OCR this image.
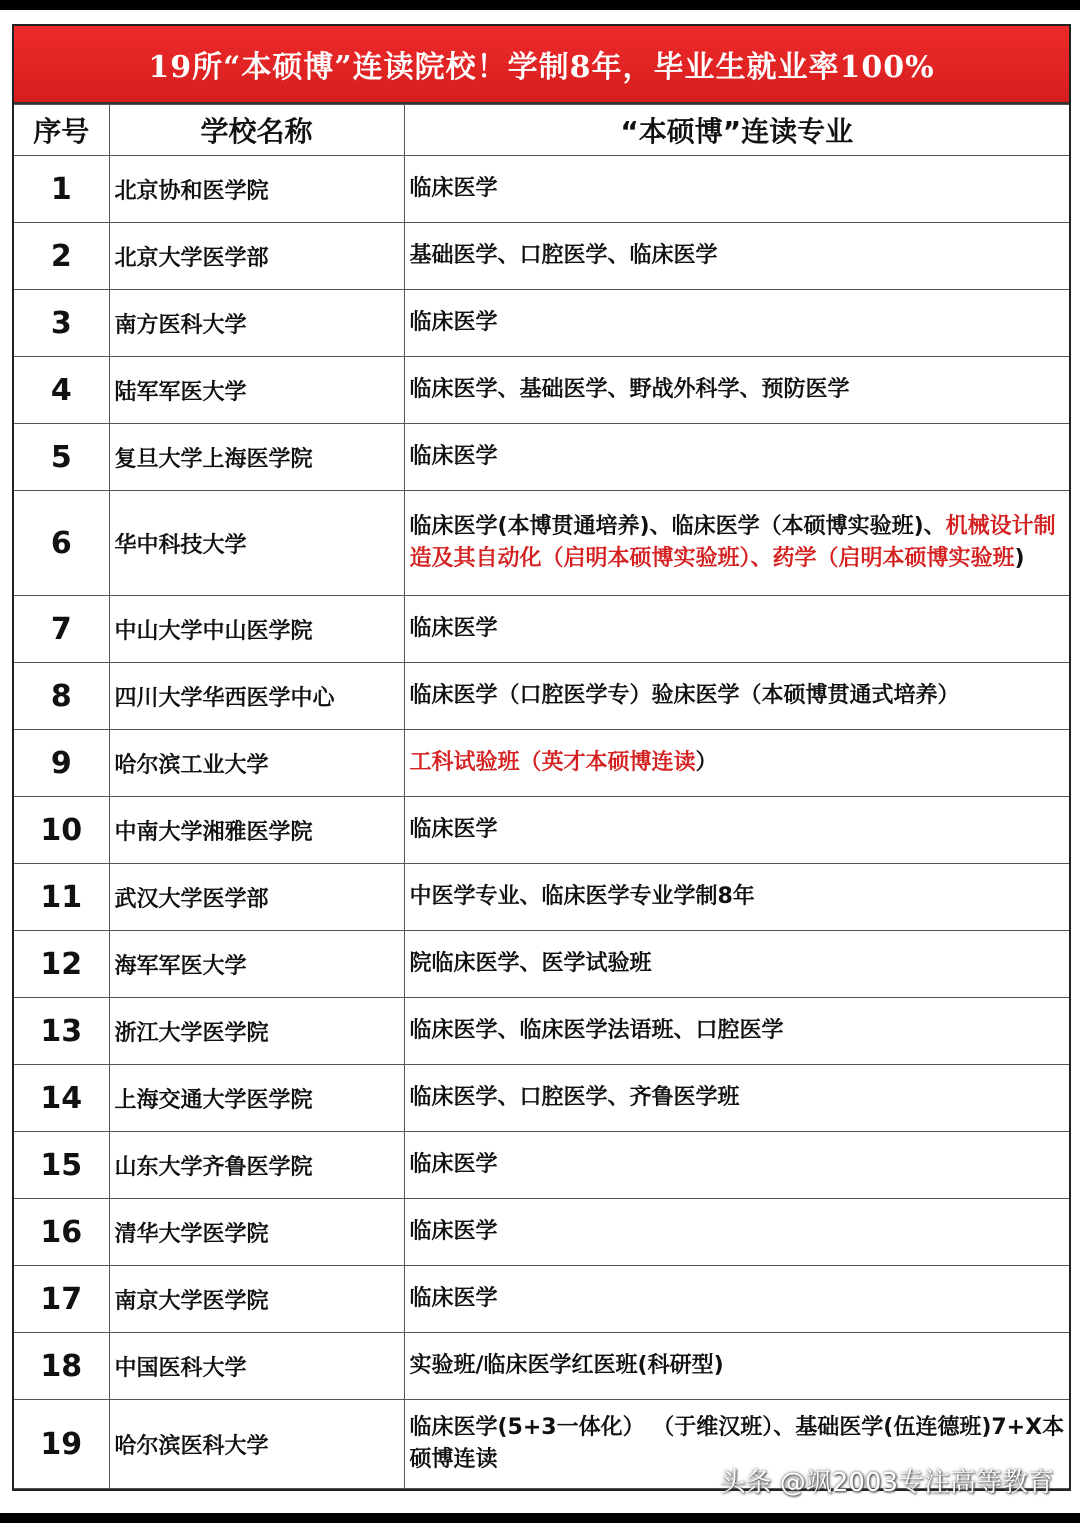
19所“本硕博”连读院校！学制8年，毕业生就业率100%
序号	学校名称	“本硕博”连读专业
1	北京协和医学院	临床医学
2	北京大学医学部	基础医学、口腔医学、临床医学
3	南方医科大学	临床医学
4	陆军军医大学	临床医学、基础医学、野战外科学、预防医学
5	复旦大学上海医学院	临床医学
6	华中科技大学	临床医学(本博贯通培养)、临床医学（本硕博实验班)、机械设计制造及其自动化（启明本硕博实验班）、药学（启明本硕博实验班)
7	中山大学中山医学院	临床医学
8	四川大学华西医学中心	临床医学（口腔医学专）验床医学（本硕博贯通式培养）
9	哈尔滨工业大学	工科试验班（英才本硕博连读）
10	中南大学湘雅医学院	临床医学
11	武汉大学医学部	中医学专业、临床医学专业学制8年
12	海军军医大学	院临床医学、医学试验班
13	浙江大学医学院	临床医学、临床医学法语班、口腔医学
14	上海交通大学医学院	临床医学、口腔医学、齐鲁医学班
15	山东大学齐鲁医学院	临床医学
16	清华大学医学院	临床医学
17	南京大学医学院	临床医学
18	中国医科大学	实验班/临床医学红医班(科研型)
19	哈尔滨医科大学	临床医学(5+3一体化） （于维汉班）、基础医学(伍连德班)7+X本硕博连读
头条 @飒2003专注高等教育
